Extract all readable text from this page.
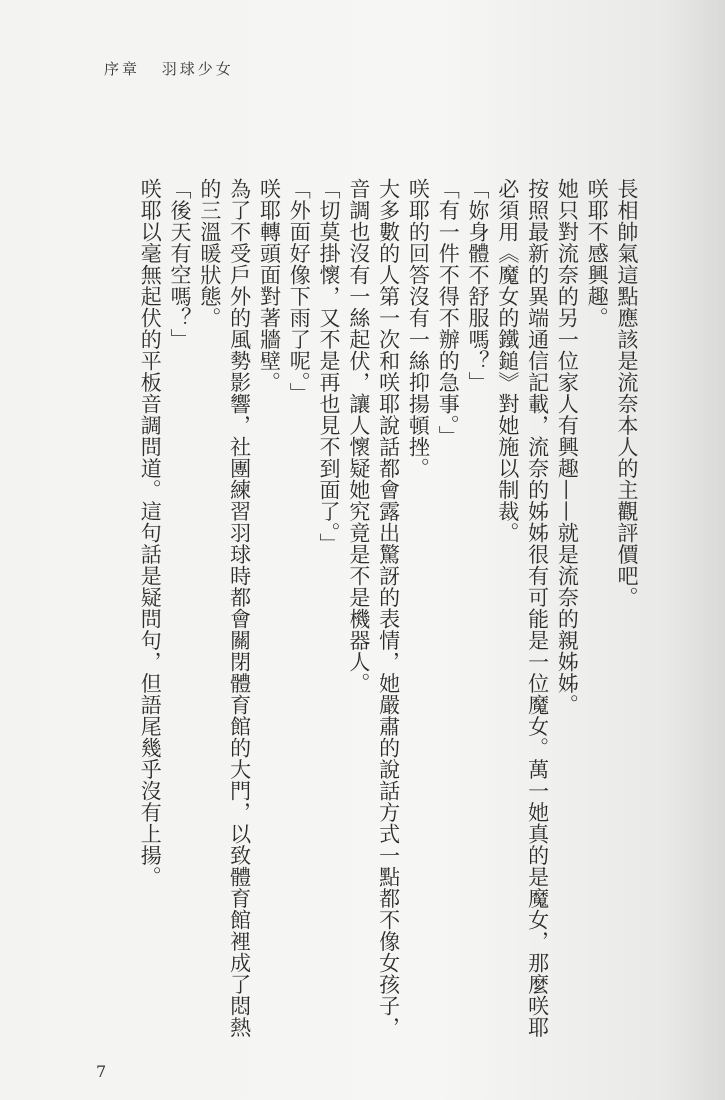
序章 羽球少女

長相帥氣這點應該是流奈本人的主觀評價吧。

咲耶不感興趣。

她只對流奈的另一位家人有興趣——就是流奈的親姊姊。

按照最新的異端通信記載，流奈的姊姊很有可能是一位魔女。萬一她真的是魔女，那麼咲耶

必須用《魔女的鐵鎚》對她施以制裁。

「妳身體不舒服嗎？」

「有一件不得不辦的急事。」

咲耶的回答沒有一絲抑揚頓挫。

大多數的人第一次和咲耶說話都會露出驚訝的表情，她嚴肅的說話方式一點都不像女孩子，

音調也沒有一絲起伏，讓人懷疑她究竟是不是機器人。

「切莫掛懷，又不是再也見不到面了。」

「外面好像下雨了呢。」

咲耶轉頭面對著牆壁。

為了不受戶外的風勢影響，社團練習羽球時都會關閉體育館的大門，以致體育館裡成了悶熱

的三溫暖狀態。

「後天有空嗎？」

咲耶以毫無起伏的平板音調問道。這句話是疑問句，但語尾幾乎沒有上揚。

7
